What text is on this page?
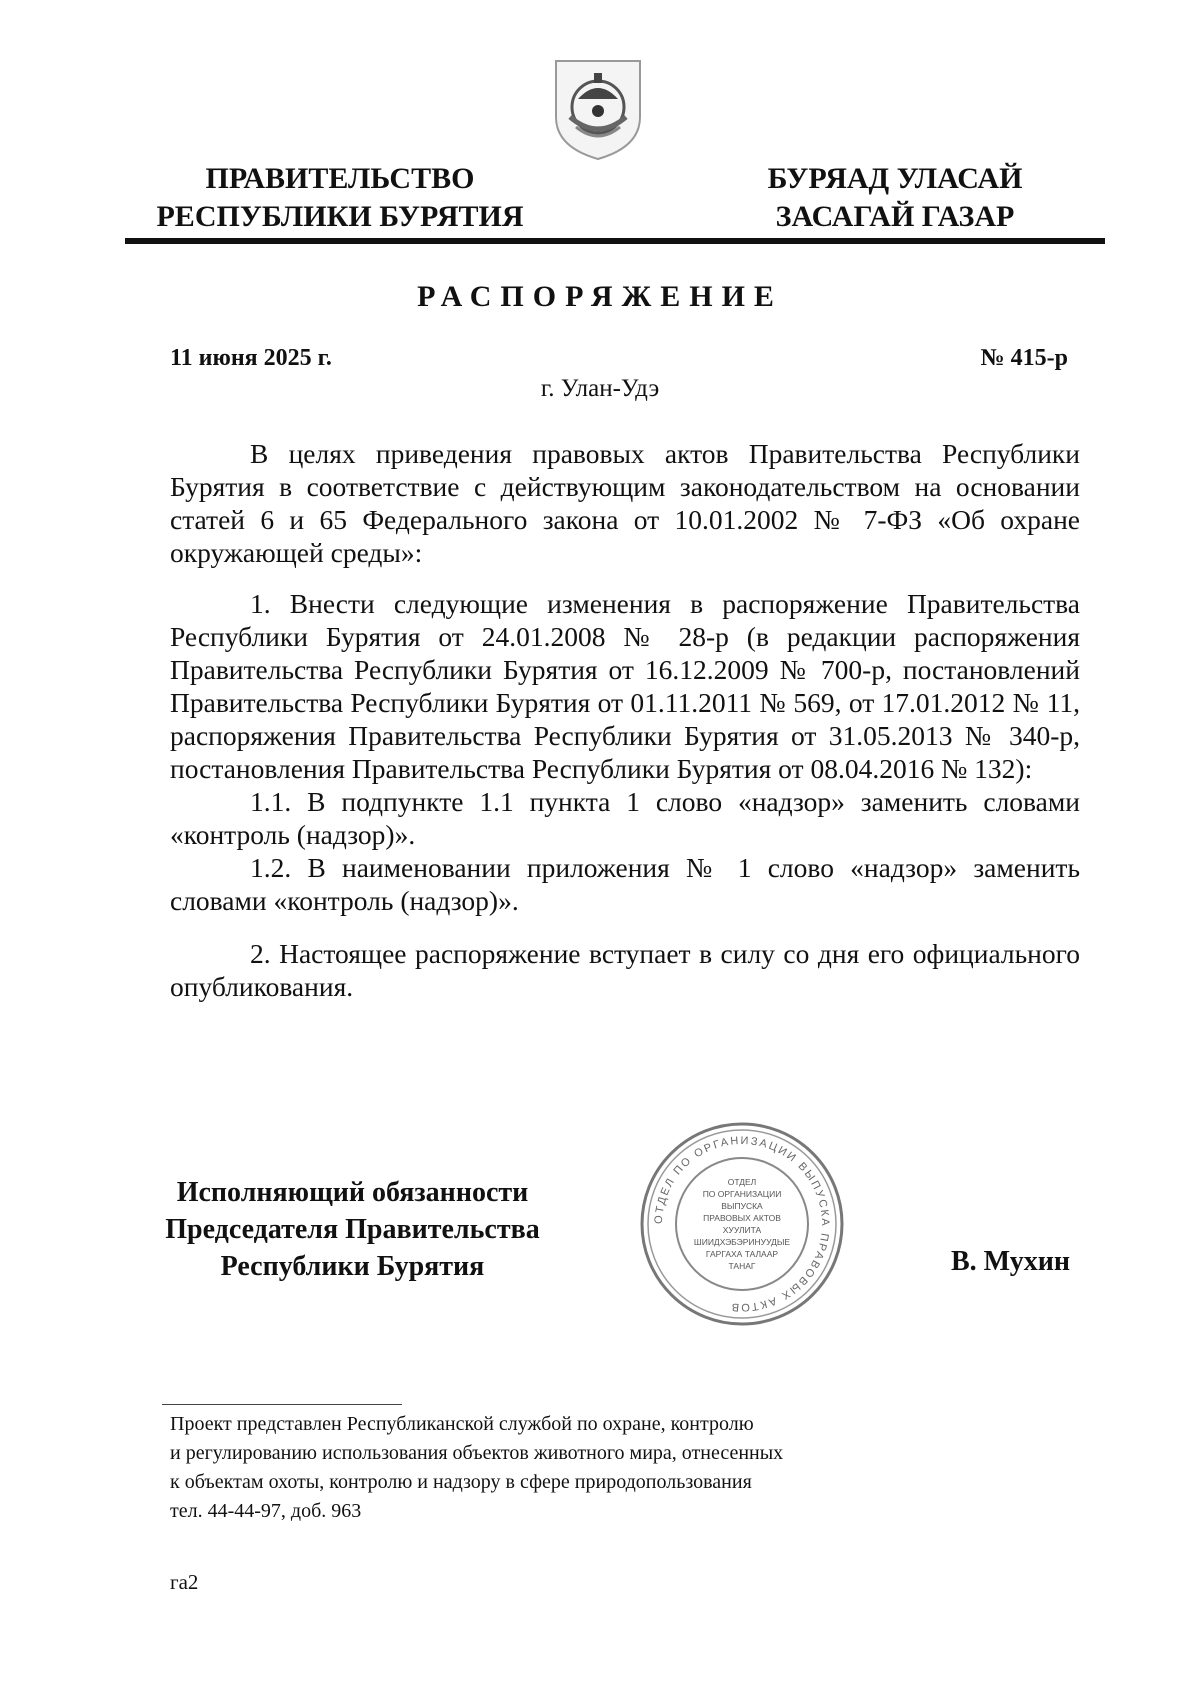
ПРАВИТЕЛЬСТВО
РЕСПУБЛИКИ БУРЯТИЯ
БУРЯАД УЛАСАЙ
ЗАСАГАЙ ГАЗАР
РАСПОРЯЖЕНИЕ
11 июня 2025 г.	№ 415-р
г. Улан-Удэ
В целях приведения правовых актов Правительства Республики Бурятия в соответствие с действующим законодательством на основании статей 6 и 65 Федерального закона от 10.01.2002 № 7-ФЗ «Об охране окружающей среды»:
1. Внести следующие изменения в распоряжение Правительства Республики Бурятия от 24.01.2008 № 28-р (в редакции распоряжения Правительства Республики Бурятия от 16.12.2009 № 700-р, постановлений Правительства Республики Бурятия от 01.11.2011 № 569, от 17.01.2012 № 11, распоряжения Правительства Республики Бурятия от 31.05.2013 № 340-р, постановления Правительства Республики Бурятия от 08.04.2016 № 132):
1.1. В подпункте 1.1 пункта 1 слово «надзор» заменить словами «контроль (надзор)».
1.2. В наименовании приложения № 1 слово «надзор» заменить словами «контроль (надзор)».
2. Настоящее распоряжение вступает в силу со дня его официального опубликования.
Исполняющий обязанности
Председателя Правительства
Республики Бурятия
ОТДЕЛ ПО ОРГАНИЗАЦИИ ВЫПУСКА ПРАВОВЫХ АКТОВ
ОТДЕЛ
ПО ОРГАНИЗАЦИИ
ВЫПУСКА
ПРАВОВЫХ АКТОВ
ХУУЛИТА
ШИИДХЭБЭРИНУУДЫЕ
ГАРГАХА ТАЛААР
ТАНАГ	В. Мухин
Проект представлен Республиканской службой по охране, контролю
и регулированию использования объектов животного мира, отнесенных
к объектам охоты, контролю и надзору в сфере природопользования
тел. 44-44-97, доб. 963
га2
